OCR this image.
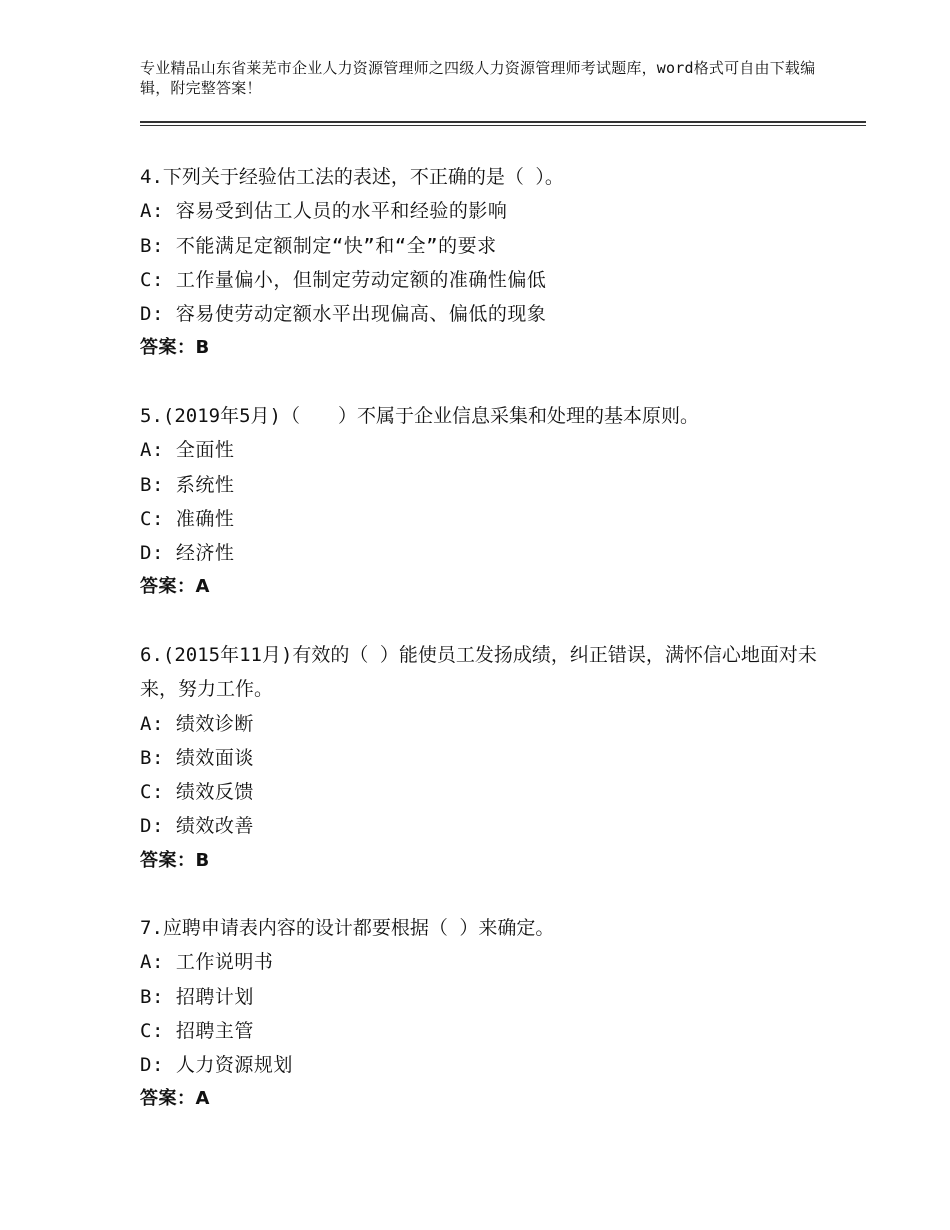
专业精品山东省莱芜市企业人力资源管理师之四级人力资源管理师考试题库，word格式可自由下载编辑，附完整答案！
4.下列关于经验估工法的表述，不正确的是（ ）。
A: 容易受到估工人员的水平和经验的影响
B: 不能满足定额制定“快”和“全”的要求
C: 工作量偏小，但制定劳动定额的准确性偏低
D: 容易使劳动定额水平出现偏高、偏低的现象
答案：B
5.(2019年5月)（　　）不属于企业信息采集和处理的基本原则。
A: 全面性
B: 系统性
C: 准确性
D: 经济性
答案：A
6.(2015年11月)有效的（ ）能使员工发扬成绩，纠正错误，满怀信心地面对未来，努力工作。
A: 绩效诊断
B: 绩效面谈
C: 绩效反馈
D: 绩效改善
答案：B
7.应聘申请表内容的设计都要根据（ ）来确定。
A: 工作说明书
B: 招聘计划
C: 招聘主管
D: 人力资源规划
答案：A
